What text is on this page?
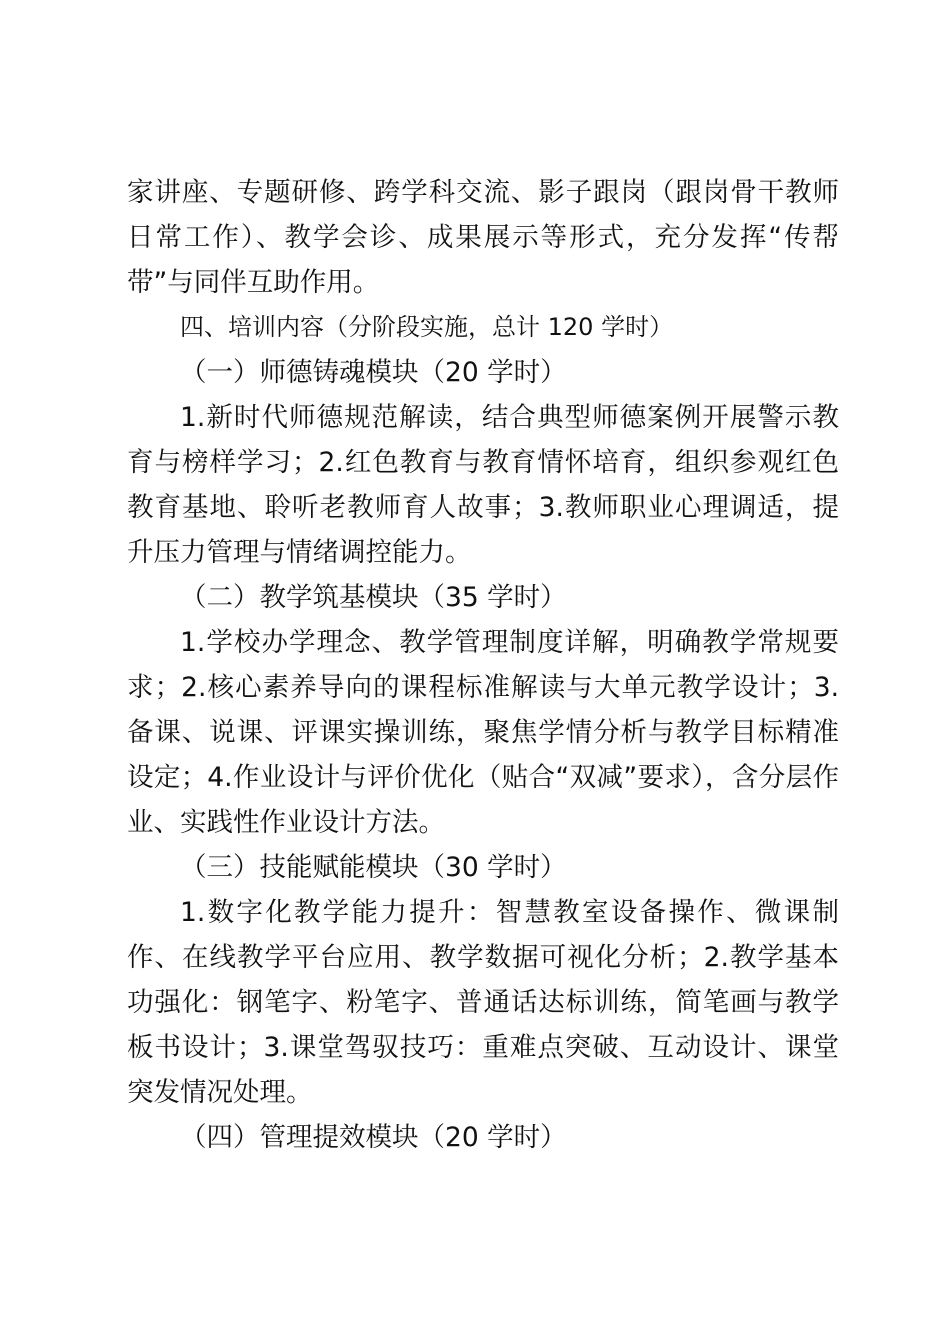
家讲座、专题研修、跨学科交流、影子跟岗（跟岗骨干教师日常工作）、教学会诊、成果展示等形式，充分发挥“传帮带”与同伴互助作用。

四、培训内容（分阶段实施，总计 120 学时）

（一）师德铸魂模块（20 学时）

1.新时代师德规范解读，结合典型师德案例开展警示教育与榜样学习；2.红色教育与教育情怀培育，组织参观红色教育基地、聆听老教师育人故事；3.教师职业心理调适，提升压力管理与情绪调控能力。

（二）教学筑基模块（35 学时）

1.学校办学理念、教学管理制度详解，明确教学常规要求；2.核心素养导向的课程标准解读与大单元教学设计；3.备课、说课、评课实操训练，聚焦学情分析与教学目标精准设定；4.作业设计与评价优化（贴合“双减”要求），含分层作业、实践性作业设计方法。

（三）技能赋能模块（30 学时）

1.数字化教学能力提升：智慧教室设备操作、微课制作、在线教学平台应用、教学数据可视化分析；2.教学基本功强化：钢笔字、粉笔字、普通话达标训练，简笔画与教学板书设计；3.课堂驾驭技巧：重难点突破、互动设计、课堂突发情况处理。

（四）管理提效模块（20 学时）
